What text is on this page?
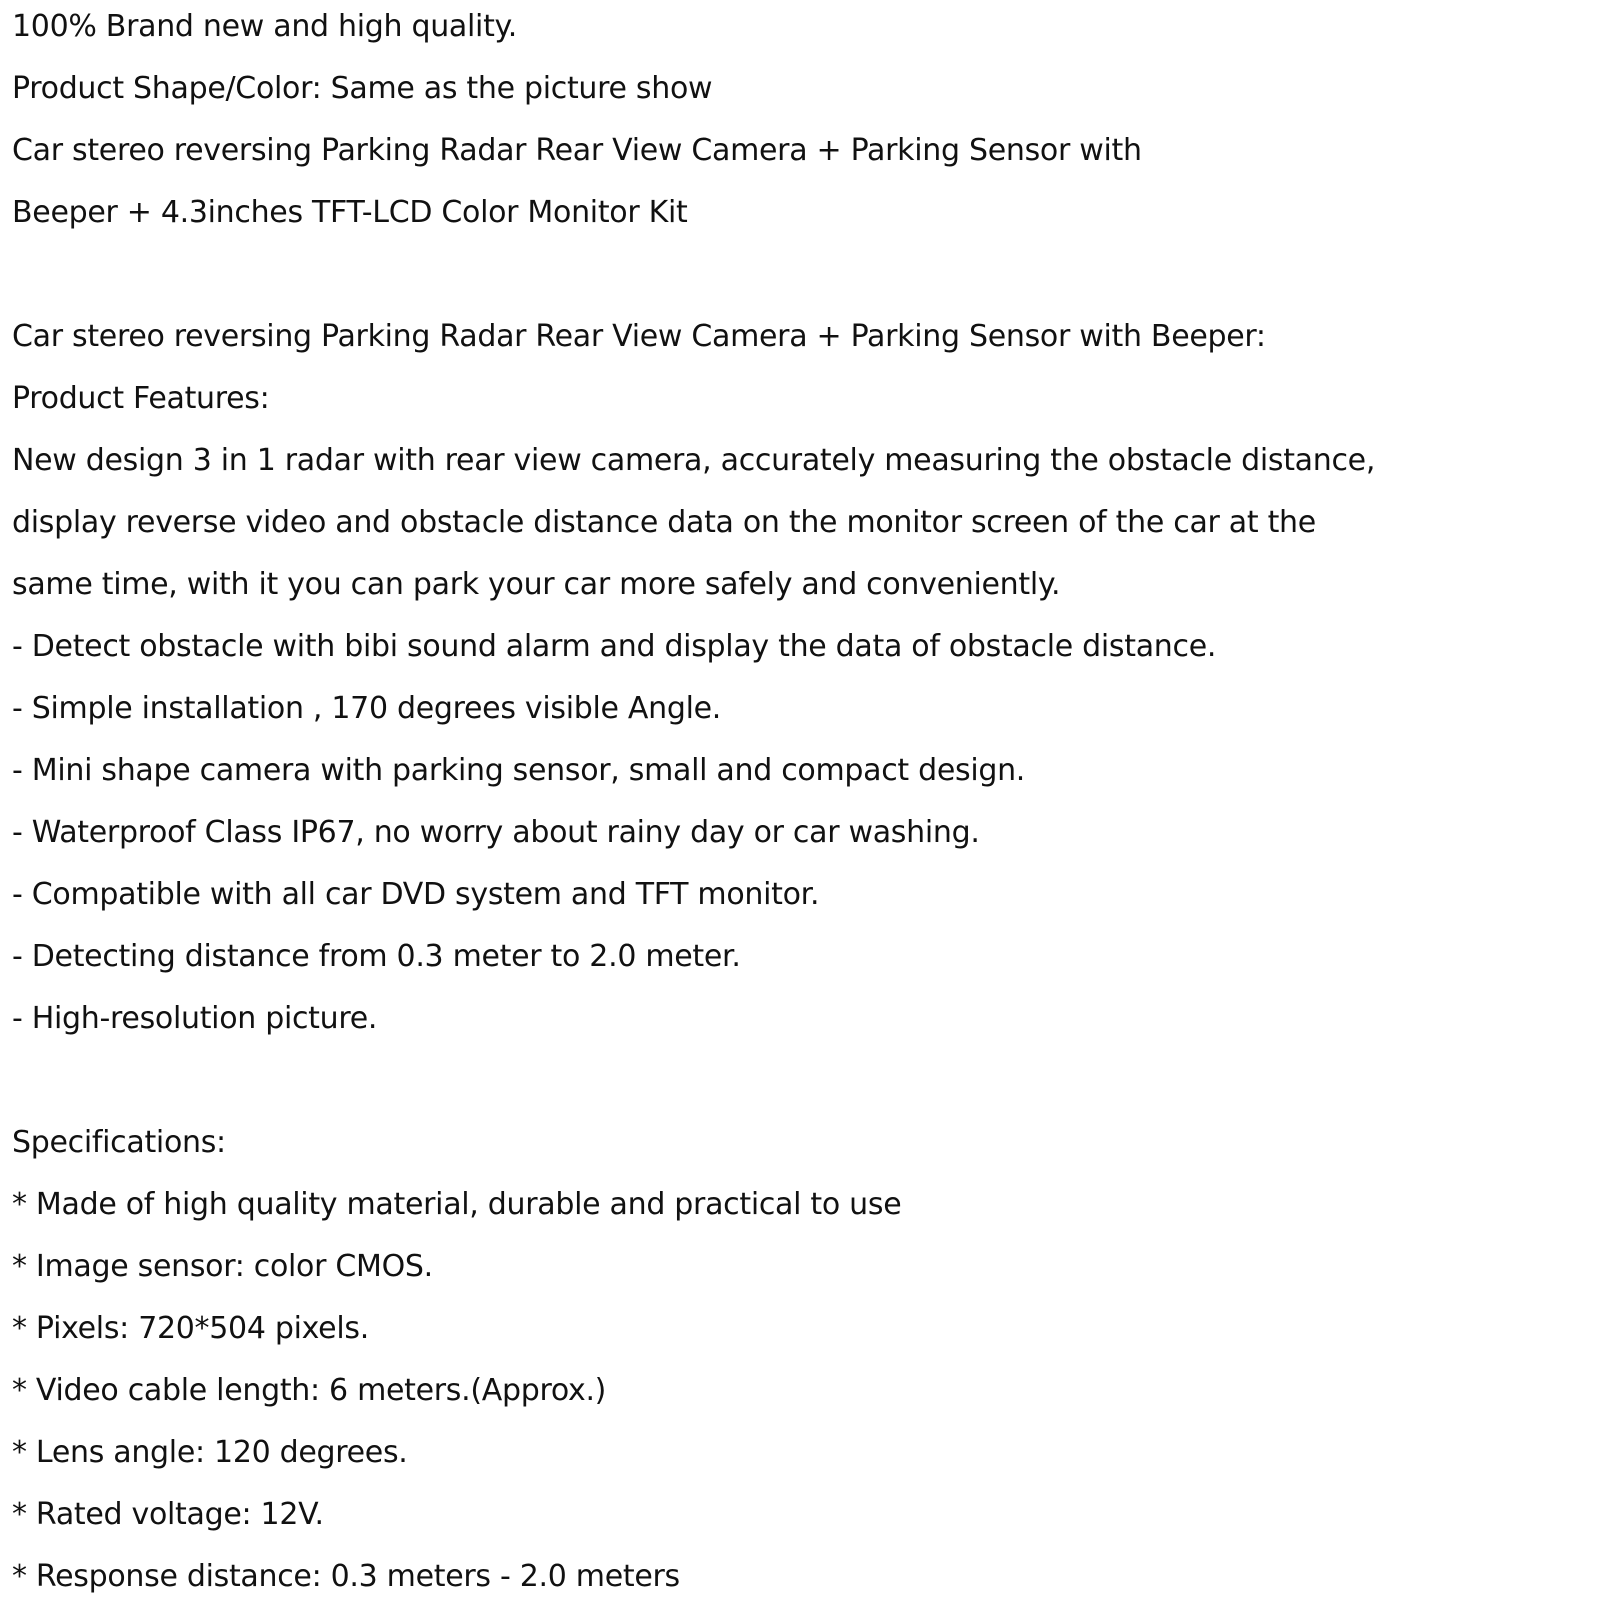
100% Brand new and high quality.
Product Shape/Color: Same as the picture show
Car stereo reversing Parking Radar Rear View Camera + Parking Sensor with
Beeper + 4.3inches TFT-LCD Color Monitor Kit
Car stereo reversing Parking Radar Rear View Camera + Parking Sensor with Beeper:
Product Features:
New design 3 in 1 radar with rear view camera, accurately measuring the obstacle distance,
display reverse video and obstacle distance data on the monitor screen of the car at the
same time, with it you can park your car more safely and conveniently.
- Detect obstacle with bibi sound alarm and display the data of obstacle distance.
- Simple installation , 170 degrees visible Angle.
- Mini shape camera with parking sensor, small and compact design.
- Waterproof Class IP67, no worry about rainy day or car washing.
- Compatible with all car DVD system and TFT monitor.
- Detecting distance from 0.3 meter to 2.0 meter.
- High-resolution picture.
Specifications:
* Made of high quality material, durable and practical to use
* Image sensor: color CMOS.
* Pixels: 720*504 pixels.
* Video cable length: 6 meters.(Approx.)
* Lens angle: 120 degrees.
* Rated voltage: 12V.
* Response distance: 0.3 meters - 2.0 meters
